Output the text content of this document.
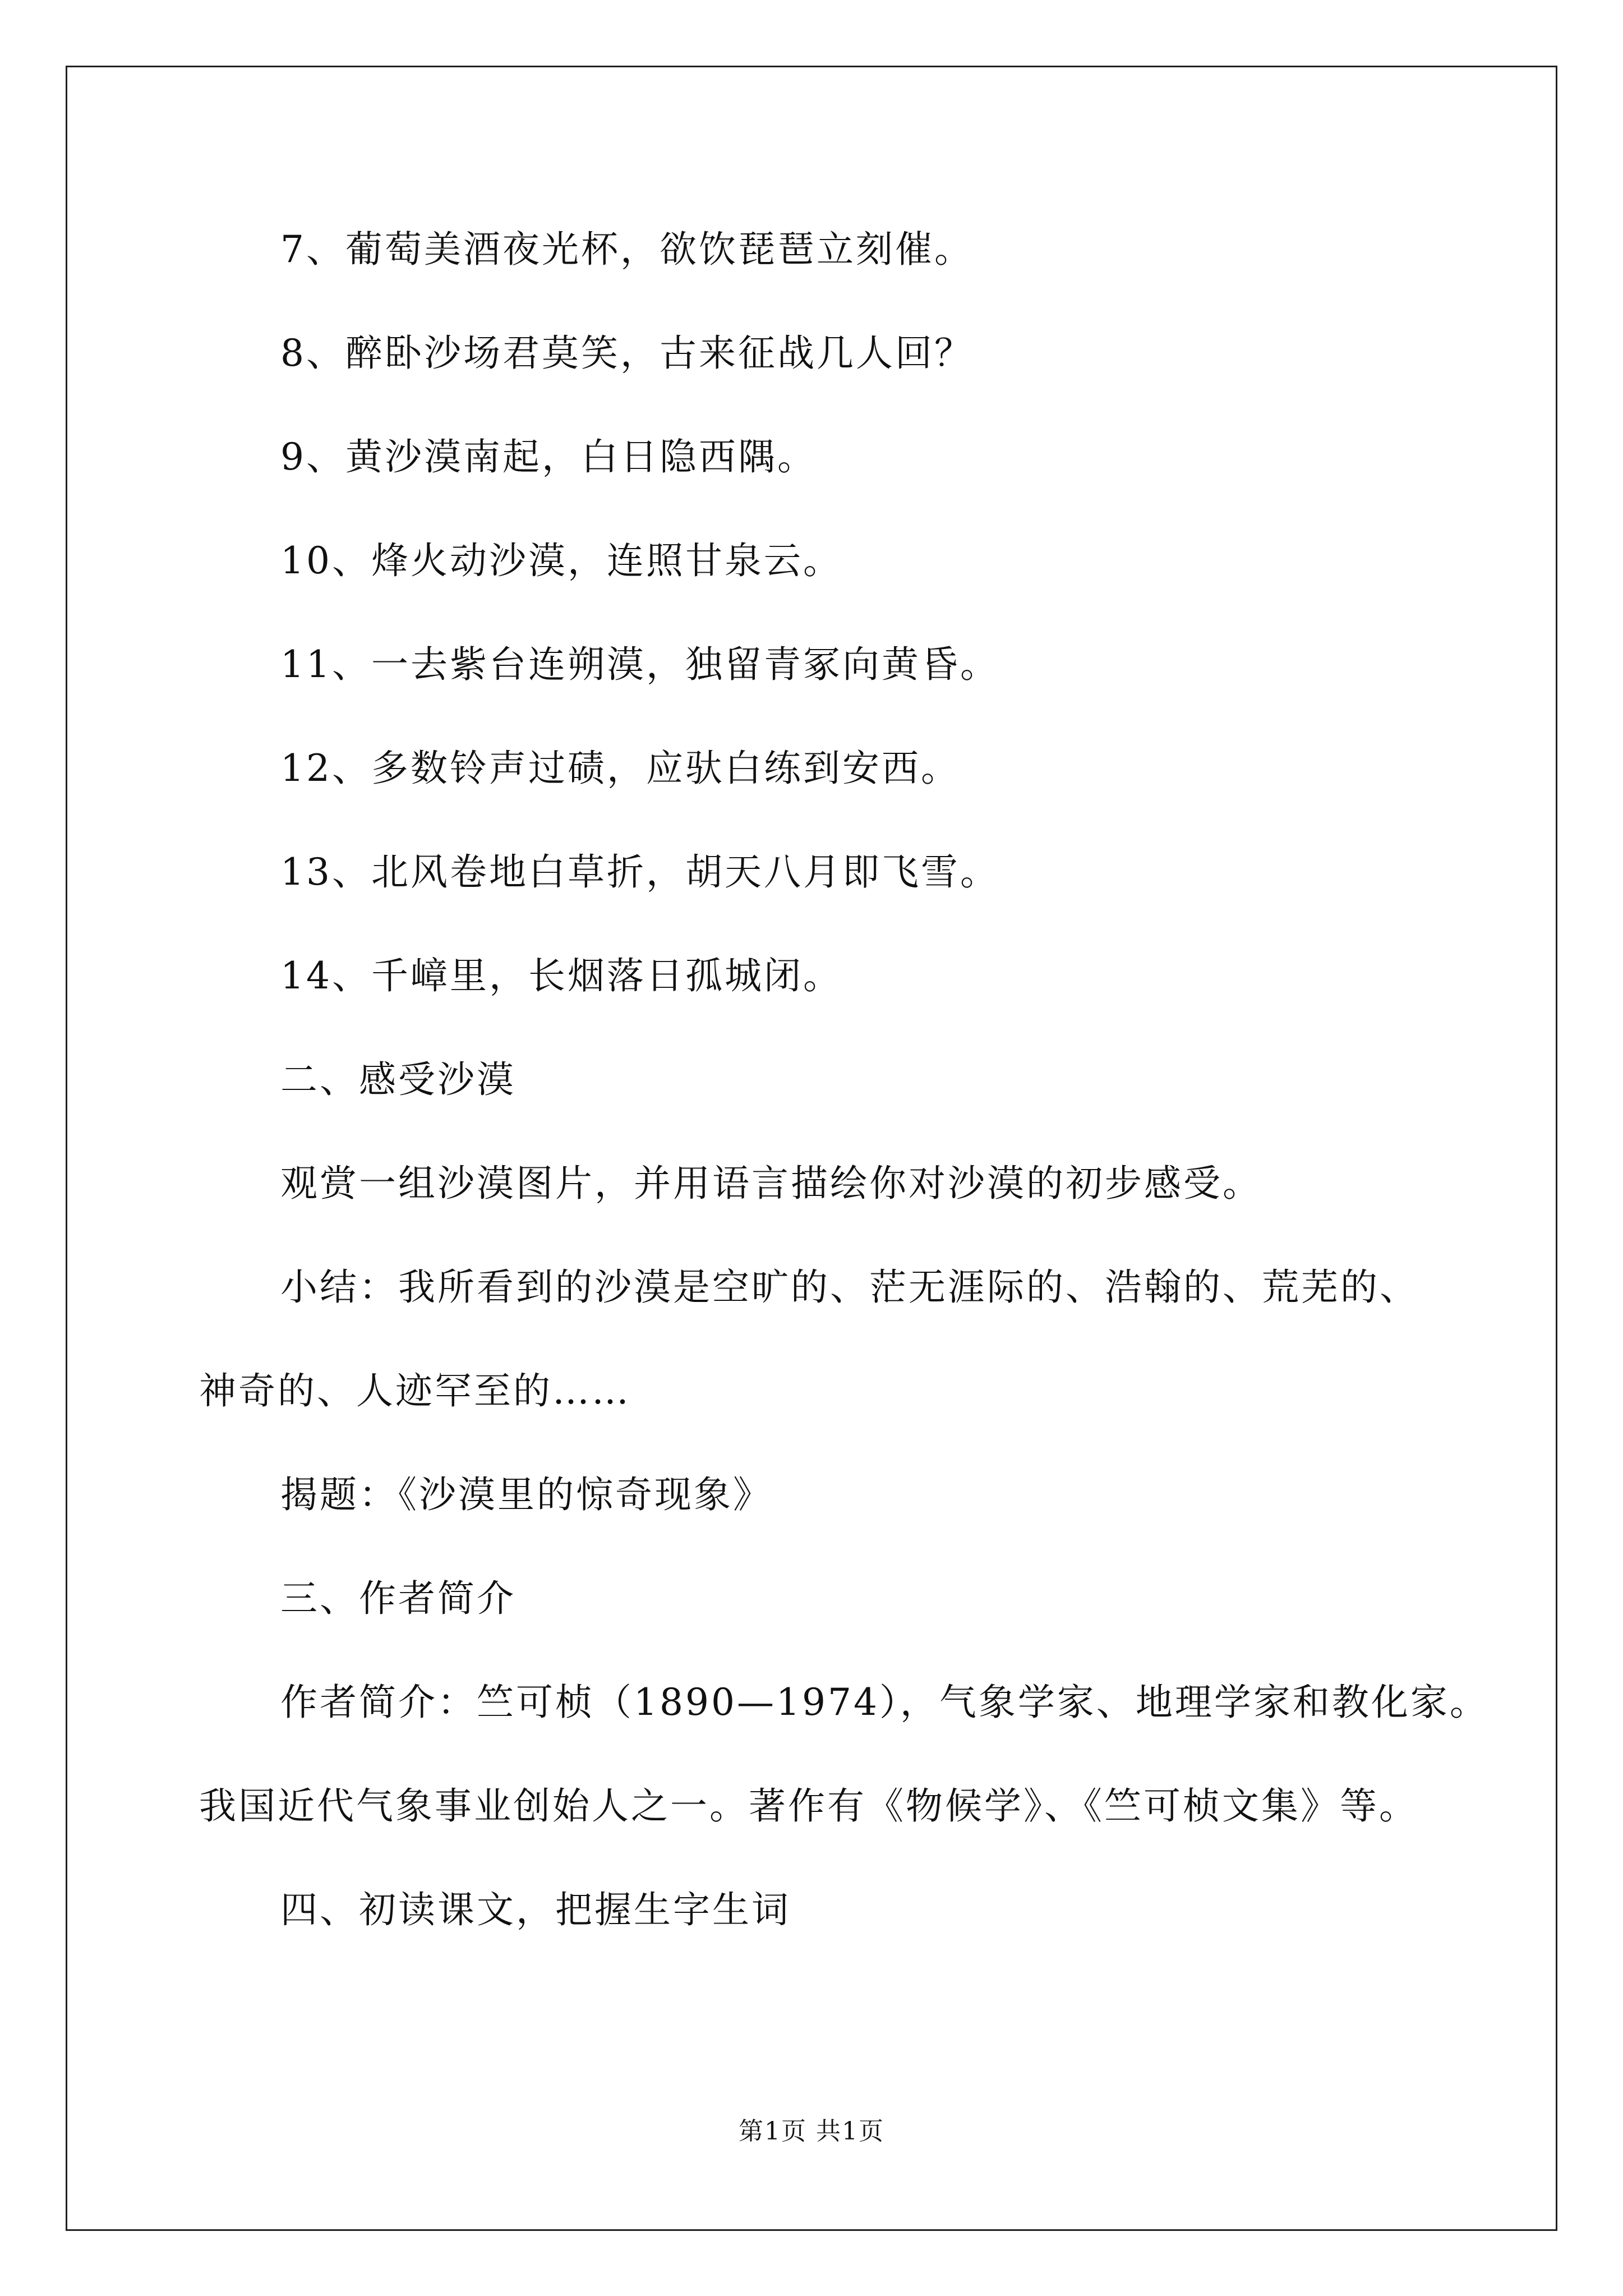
7、葡萄美酒夜光杯，欲饮琵琶立刻催。
8、醉卧沙场君莫笑，古来征战几人回？
9、黄沙漠南起，白日隐西隅。
10、烽火动沙漠，连照甘泉云。
11、一去紫台连朔漠，独留青冢向黄昏。
12、多数铃声过碛，应驮白练到安西。
13、北风卷地白草折，胡天八月即飞雪。
14、千嶂里，长烟落日孤城闭。
二、感受沙漠
观赏一组沙漠图片，并用语言描绘你对沙漠的初步感受。
小结：我所看到的沙漠是空旷的、茫无涯际的、浩翰的、荒芜的、
神奇的、人迹罕至的……
揭题：《沙漠里的惊奇现象》
三、作者简介
作者简介：竺可桢（1890—1974），气象学家、地理学家和教化家。
我国近代气象事业创始人之一。著作有《物候学》、《竺可桢文集》等。
四、初读课文，把握生字生词
第1页 共1页
